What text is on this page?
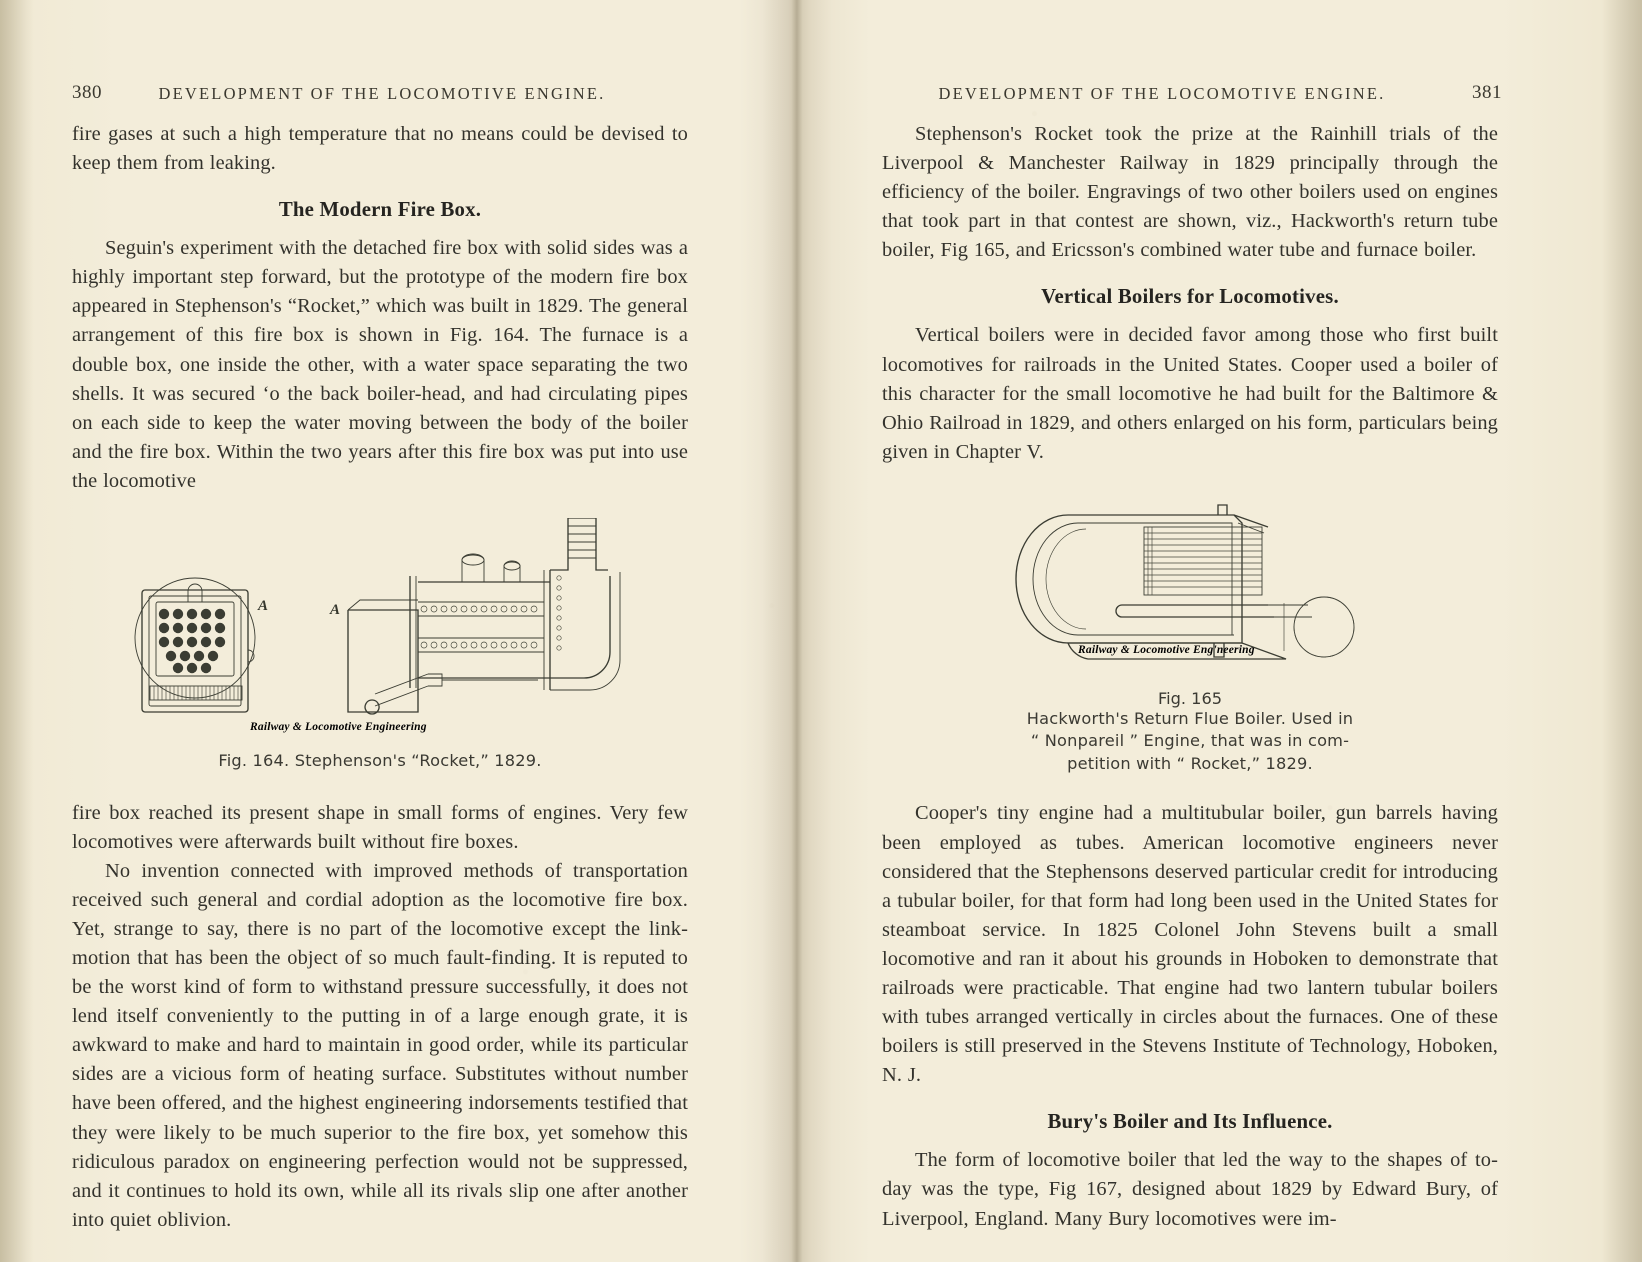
380	DEVELOPMENT OF THE LOCOMOTIVE ENGINE.

fire gases at such a high temperature that no means could be devised to keep them from leaking.

The Modern Fire Box.

Seguin's experiment with the detached fire box with solid sides was a highly important step forward, but the prototype of the modern fire box appeared in Stephenson's “Rocket,” which was built in 1829. The general arrangement of this fire box is shown in Fig. 164. The furnace is a double box, one inside the other, with a water space separating the two shells. It was secured ‘o the back boiler-head, and had circulating pipes on each side to keep the water moving between the body of the boiler and the fire box. Within the two years after this fire box was put into use the locomotive

A	A
Railway & Locomotive Engineering
Fig. 164. Stephenson's “Rocket,” 1829.

fire box reached its present shape in small forms of engines. Very few locomotives were afterwards built without fire boxes.

No invention connected with improved methods of transportation received such general and cordial adoption as the locomotive fire box. Yet, strange to say, there is no part of the locomotive except the link-motion that has been the object of so much fault-finding. It is reputed to be the worst kind of form to withstand pressure successfully, it does not lend itself conveniently to the putting in of a large enough grate, it is awkward to make and hard to maintain in good order, while its particular sides are a vicious form of heating surface. Substitutes without number have been offered, and the highest engineering indorsements testified that they were likely to be much superior to the fire box, yet somehow this ridiculous paradox on engineering perfection would not be suppressed, and it continues to hold its own, while all its rivals slip one after another into quiet oblivion.

381
DEVELOPMENT OF THE LOCOMOTIVE ENGINE.

Stephenson's Rocket took the prize at the Rainhill trials of the Liverpool & Manchester Railway in 1829 principally through the efficiency of the boiler. Engravings of two other boilers used on engines that took part in that contest are shown, viz., Hackworth's return tube boiler, Fig 165, and Ericsson's combined water tube and furnace boiler.

Vertical Boilers for Locomotives.

Vertical boilers were in decided favor among those who first built locomotives for railroads in the United States. Cooper used a boiler of this character for the small locomotive he had built for the Baltimore & Ohio Railroad in 1829, and others enlarged on his form, particulars being given in Chapter V.

Railway & Locomotive Eng'neering
Fig. 165
Hackworth's Return Flue Boiler. Used in
“ Nonpareil ” Engine, that was in com-
petition with “ Rocket,” 1829.

Cooper's tiny engine had a multitubular boiler, gun barrels having been employed as tubes. American locomotive engineers never considered that the Stephensons deserved particular credit for introducing a tubular boiler, for that form had long been used in the United States for steamboat service. In 1825 Colonel John Stevens built a small locomotive and ran it about his grounds in Hoboken to demonstrate that railroads were practicable. That engine had two lantern tubular boilers with tubes arranged vertically in circles about the furnaces. One of these boilers is still preserved in the Stevens Institute of Technology, Hoboken, N. J.

Bury's Boiler and Its Influence.

The form of locomotive boiler that led the way to the shapes of to-day was the type, Fig 167, designed about 1829 by Edward Bury, of Liverpool, England. Many Bury locomotives were im-
